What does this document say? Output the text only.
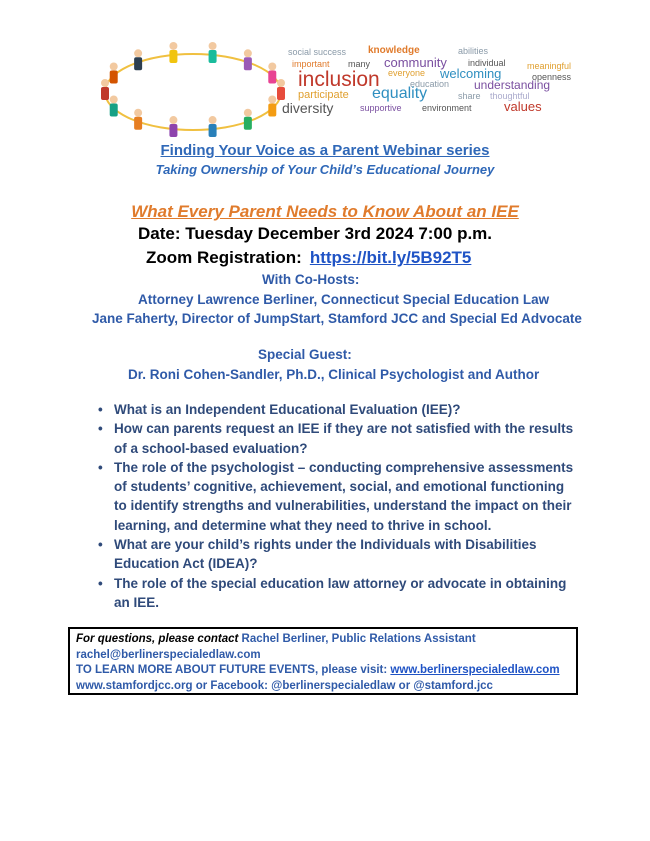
social success knowledge	abilities
important many community individual meaningful
inclusion everyone welcoming	openness
education understanding
participate equality	share thoughtful
diversity	supportive environment values
Finding Your Voice as a Parent Webinar series
Taking Ownership of Your Child’s Educational Journey
What Every Parent Needs to Know About an IEE
Date: Tuesday December 3rd 2024 7:00 p.m.
Zoom Registration: https://bit.ly/5B92T5
With Co-Hosts:
Attorney Lawrence Berliner, Connecticut Special Education Law
Jane Faherty, Director of JumpStart, Stamford JCC and Special Ed Advocate
Special Guest:
Dr. Roni Cohen-Sandler, Ph.D., Clinical Psychologist and Author
• What is an Independent Educational Evaluation (IEE)?
• How can parents request an IEE if they are not satisfied with the results of a school-based evaluation?
• The role of the psychologist – conducting comprehensive assessments of students’ cognitive, achievement, social, and emotional functioning to identify strengths and vulnerabilities, understand the impact on their learning, and determine what they need to thrive in school.
• What are your child’s rights under the Individuals with Disabilities Education Act (IDEA)?
• The role of the special education law attorney or advocate in obtaining an IEE.
For questions, please contact Rachel Berliner, Public Relations Assistant
rachel@berlinerspecialedlaw.com
TO LEARN MORE ABOUT FUTURE EVENTS, please visit: www.berlinerspecialedlaw.com
www.stamfordjcc.org or Facebook: @berlinerspecialedlaw or @stamford.jcc
